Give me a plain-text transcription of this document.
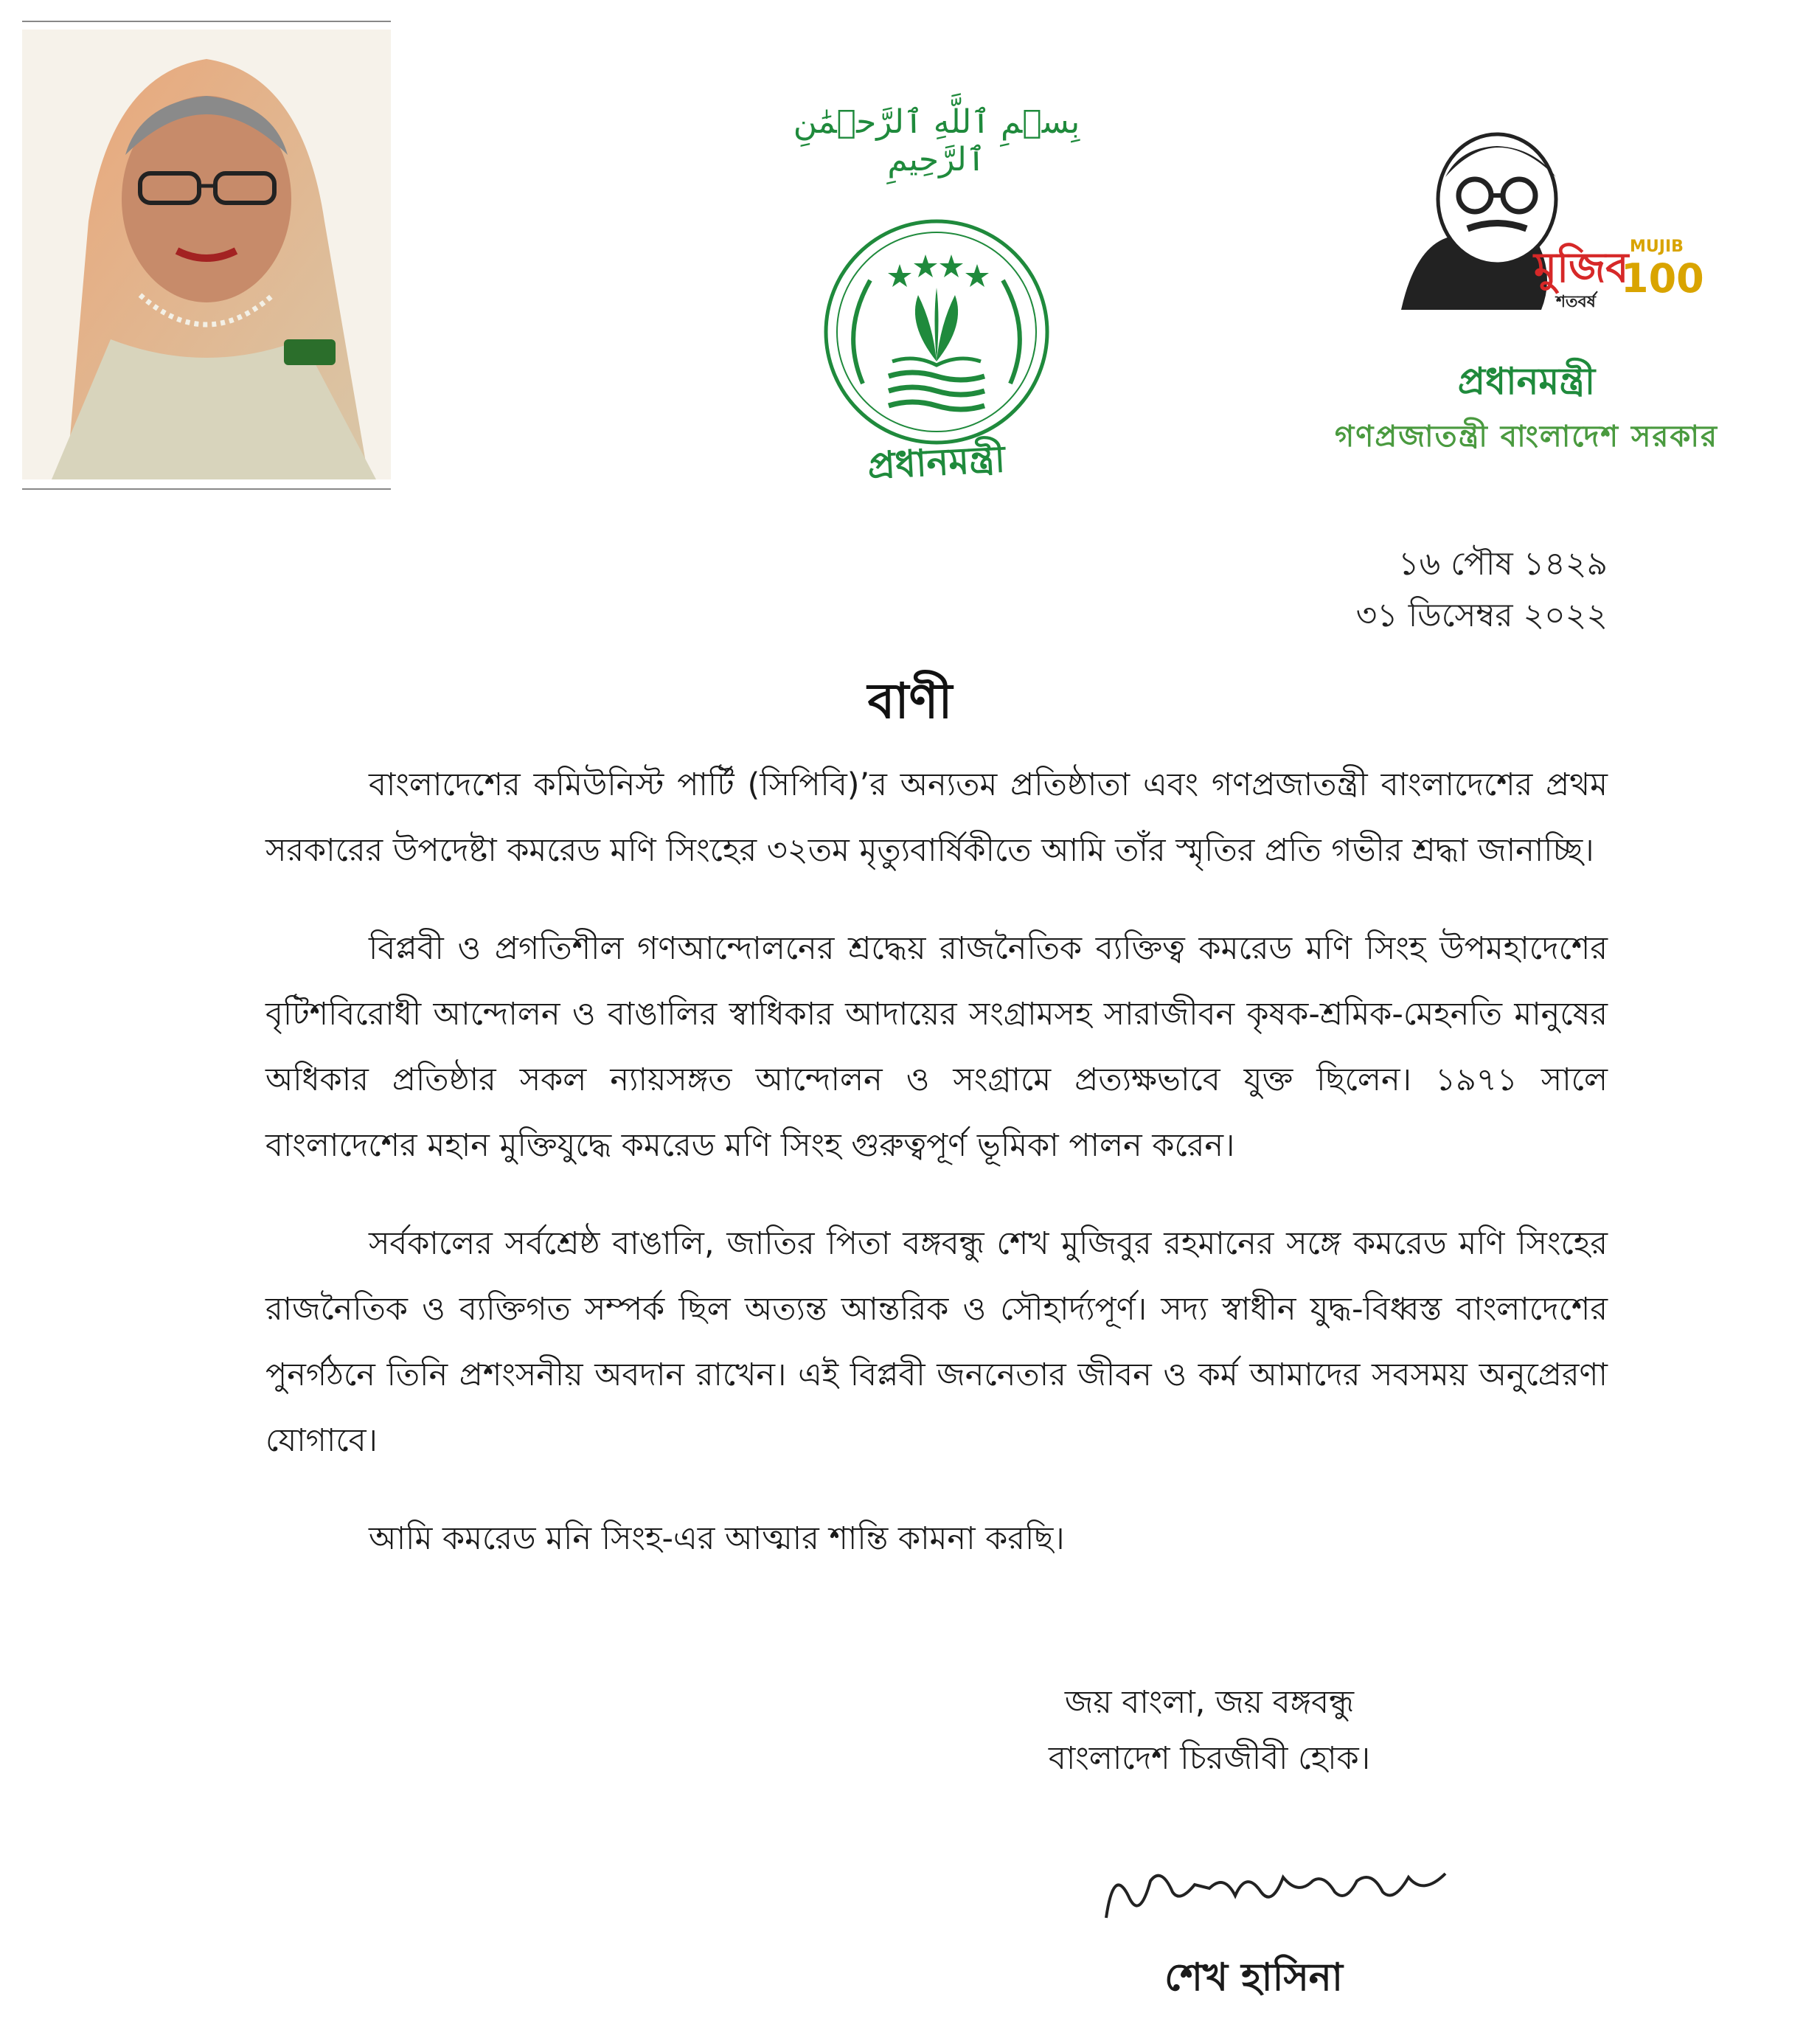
بِسۡمِ ٱللَّهِ ٱلرَّحۡمَٰنِ ٱلرَّحِيمِ
প্রধানমন্ত্রী
মুজিব
শতবর্ষ
MUJIB
100
প্রধানমন্ত্রী
গণপ্রজাতন্ত্রী বাংলাদেশ সরকার
১৬ পৌষ ১৪২৯
৩১ ডিসেম্বর ২০২২
বাণী

বাংলাদেশের কমিউনিস্ট পার্টি (সিপিবি)’র অন্যতম প্রতিষ্ঠাতা এবং গণপ্রজাতন্ত্রী বাংলাদেশের প্রথম সরকারের উপদেষ্টা কমরেড মণি সিংহের ৩২তম মৃত্যুবার্ষিকীতে আমি তাঁর স্মৃতির প্রতি গভীর শ্রদ্ধা জানাচ্ছি।

বিপ্লবী ও প্রগতিশীল গণআন্দোলনের শ্রদ্ধেয় রাজনৈতিক ব্যক্তিত্ব কমরেড মণি সিংহ উপমহাদেশের বৃটিশবিরোধী আন্দোলন ও বাঙালির স্বাধিকার আদায়ের সংগ্রামসহ সারাজীবন কৃষক-শ্রমিক-মেহনতি মানুষের অধিকার প্রতিষ্ঠার সকল ন্যায়সঙ্গত আন্দোলন ও সংগ্রামে প্রত্যক্ষভাবে যুক্ত ছিলেন। ১৯৭১ সালে বাংলাদেশের মহান মুক্তিযুদ্ধে কমরেড মণি সিংহ গুরুত্বপূর্ণ ভূমিকা পালন করেন।

সর্বকালের সর্বশ্রেষ্ঠ বাঙালি, জাতির পিতা বঙ্গবন্ধু শেখ মুজিবুর রহমানের সঙ্গে কমরেড মণি সিংহের রাজনৈতিক ও ব্যক্তিগত সম্পর্ক ছিল অত্যন্ত আন্তরিক ও সৌহার্দ্যপূর্ণ। সদ্য স্বাধীন যুদ্ধ-বিধ্বস্ত বাংলাদেশের পুনর্গঠনে তিনি প্রশংসনীয় অবদান রাখেন। এই বিপ্লবী জননেতার জীবন ও কর্ম আমাদের সবসময় অনুপ্রেরণা যোগাবে।

আমি কমরেড মনি সিংহ-এর আত্মার শান্তি কামনা করছি।

জয় বাংলা, জয় বঙ্গবন্ধু
বাংলাদেশ চিরজীবী হোক।
শেখ হাসিনা
